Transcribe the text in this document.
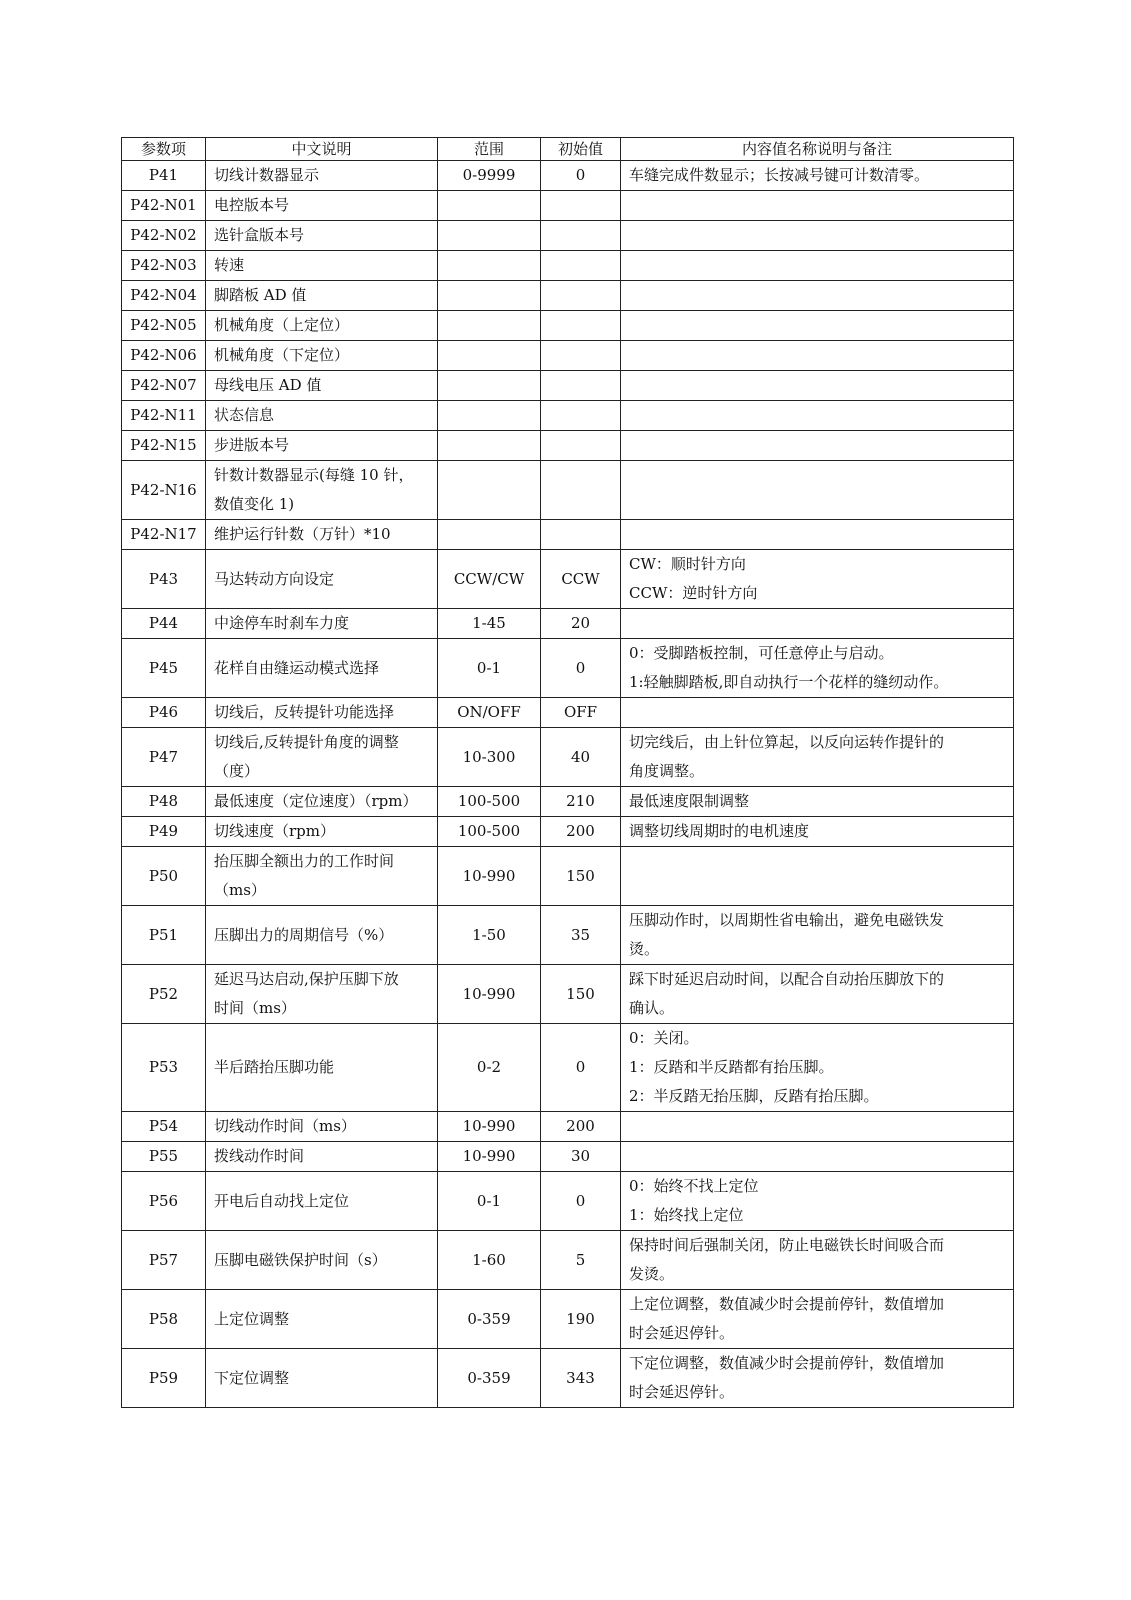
参数项	中文说明	范围	初始值	内容值名称说明与备注
P41	切线计数器显示	0-9999	0	车缝完成件数显示；长按减号键可计数清零。

P42-N01	电控版本号			

P42-N02	选针盒版本号			

P42-N03	转速			

P42-N04	脚踏板 AD 值			

P42-N05	机械角度（上定位）			

P42-N06	机械角度（下定位）			

P42-N07	母线电压 AD 值			

P42-N11	状态信息			

P42-N15	步进版本号			

P42-N16	针数计数器显示(每缝 10 针，
数值变化 1)			

P42-N17	维护运行针数（万针）*10			

P43	马达转动方向设定	CCW/CW	CCW	CW：顺时针方向
CCW：逆时针方向

P44	中途停车时刹车力度	1-45	20	
P45	花样自由缝运动模式选择	0-1	0	0：受脚踏板控制，可任意停止与启动。
1:轻触脚踏板,即自动执行一个花样的缝纫动作。

P46	切线后，反转提针功能选择	ON/OFF	OFF	
P47	切线后,反转提针角度的调整
（度）	10-300	40	切完线后，由上针位算起，以反向运转作提针的
角度调整。

P48	最低速度（定位速度）（rpm）	100-500	210	最低速度限制调整

P49	切线速度（rpm）	100-500	200	调整切线周期时的电机速度

P50	抬压脚全额出力的工作时间
（ms）	10-990	150	
P51	压脚出力的周期信号（%）	1-50	35	压脚动作时，以周期性省电输出，避免电磁铁发
烫。

P52	延迟马达启动,保护压脚下放
时间（ms）	10-990	150	踩下时延迟启动时间，以配合自动抬压脚放下的
确认。

P53	半后踏抬压脚功能	0-2	0	0：关闭。
1：反踏和半反踏都有抬压脚。
2：半反踏无抬压脚，反踏有抬压脚。

P54	切线动作时间（ms）	10-990	200	
P55	拨线动作时间	10-990	30	
P56	开电后自动找上定位	0-1	0	0：始终不找上定位
1：始终找上定位

P57	压脚电磁铁保护时间（s）	1-60	5	保持时间后强制关闭，防止电磁铁长时间吸合而
发烫。

P58	上定位调整	0-359	190	上定位调整，数值减少时会提前停针，数值增加
时会延迟停针。

P59	下定位调整	0-359	343	下定位调整，数值减少时会提前停针，数值增加
时会延迟停针。
